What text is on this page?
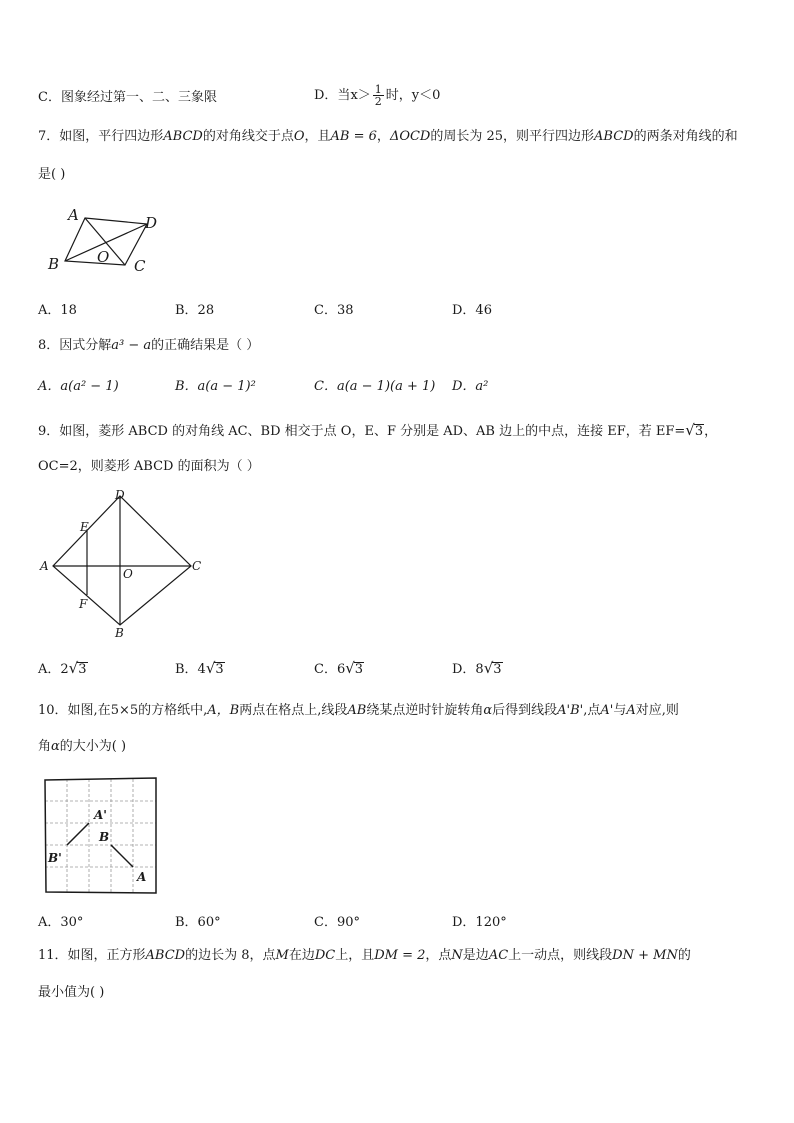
C．图象经过第一、二、三象限	D．当$x> \frac{1}{2}$ 时，y＜0
7．如图，平行四边形ABCD的对角线交于点O，且AB = 6，ΔOCD的周长为 25，则平行四边形ABCD的两条对角线的和
是( )
A	D
B	C
O
A．18	B．28	C．38	D．46
8．因式分解a³ − a的正确结果是（ ）
A．a(a² − 1)	B．a(a − 1)²	C．a(a − 1)(a + 1) D．a²
9．如图，菱形 ABCD 的对角线 AC、BD 相交于点 O，E、F 分别是 AD、AB 边上的中点，连接 EF，若 EF=√3，
OC=2，则菱形 ABCD 的面积为（ ）
D
E
A
O
C
F
B
A．2√3	B．4√3	C．6√3	D．8√3
10．如图,在5×5的方格纸中,A，B两点在格点上,线段AB绕某点逆时针旋转角α后得到线段A'B',点A'与A对应,则
角α的大小为( )
A'
B
B'
A
A．30°	B．60°	C．90°	D．120°
11．如图，正方形ABCD的边长为 8，点M在边DC上，且DM = 2，点N是边AC上一动点，则线段DN + MN的
最小值为( )
